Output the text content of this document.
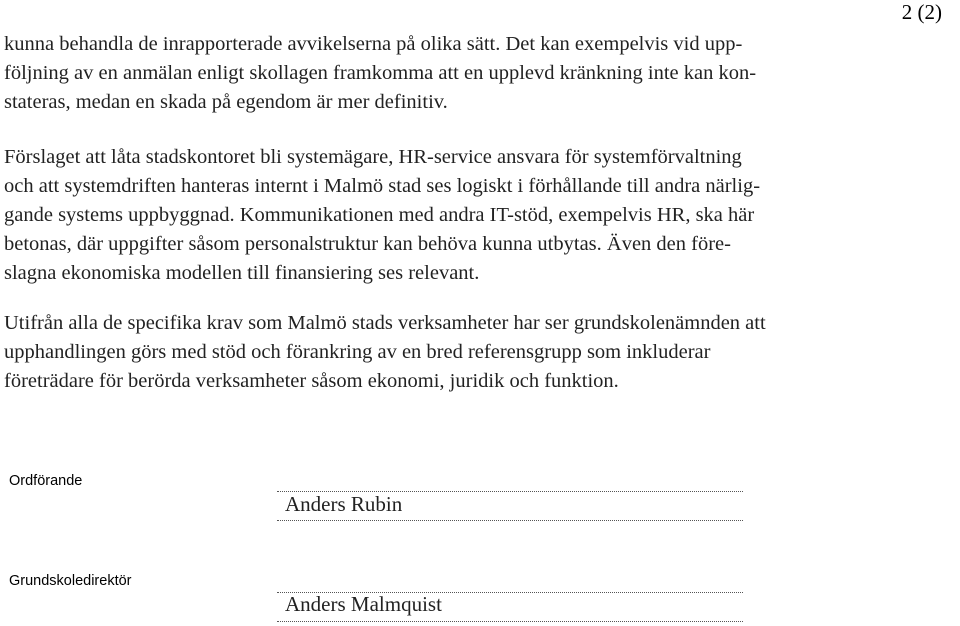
2 (2)

kunna behandla de inrapporterade avvikelserna på olika sätt. Det kan exempelvis vid upp-
följning av en anmälan enligt skollagen framkomma att en upplevd kränkning inte kan kon-
stateras, medan en skada på egendom är mer definitiv.

Förslaget att låta stadskontoret bli systemägare, HR-service ansvara för systemförvaltning
och att systemdriften hanteras internt i Malmö stad ses logiskt i förhållande till andra närlig-
gande systems uppbyggnad. Kommunikationen med andra IT-stöd, exempelvis HR, ska här
betonas, där uppgifter såsom personalstruktur kan behöva kunna utbytas. Även den före-
slagna ekonomiska modellen till finansiering ses relevant.

Utifrån alla de specifika krav som Malmö stads verksamheter har ser grundskolenämnden att
upphandlingen görs med stöd och förankring av en bred referensgrupp som inkluderar
företrädare för berörda verksamheter såsom ekonomi, juridik och funktion.

Ordförande
Anders Rubin
Grundskoledirektör
Anders Malmquist
